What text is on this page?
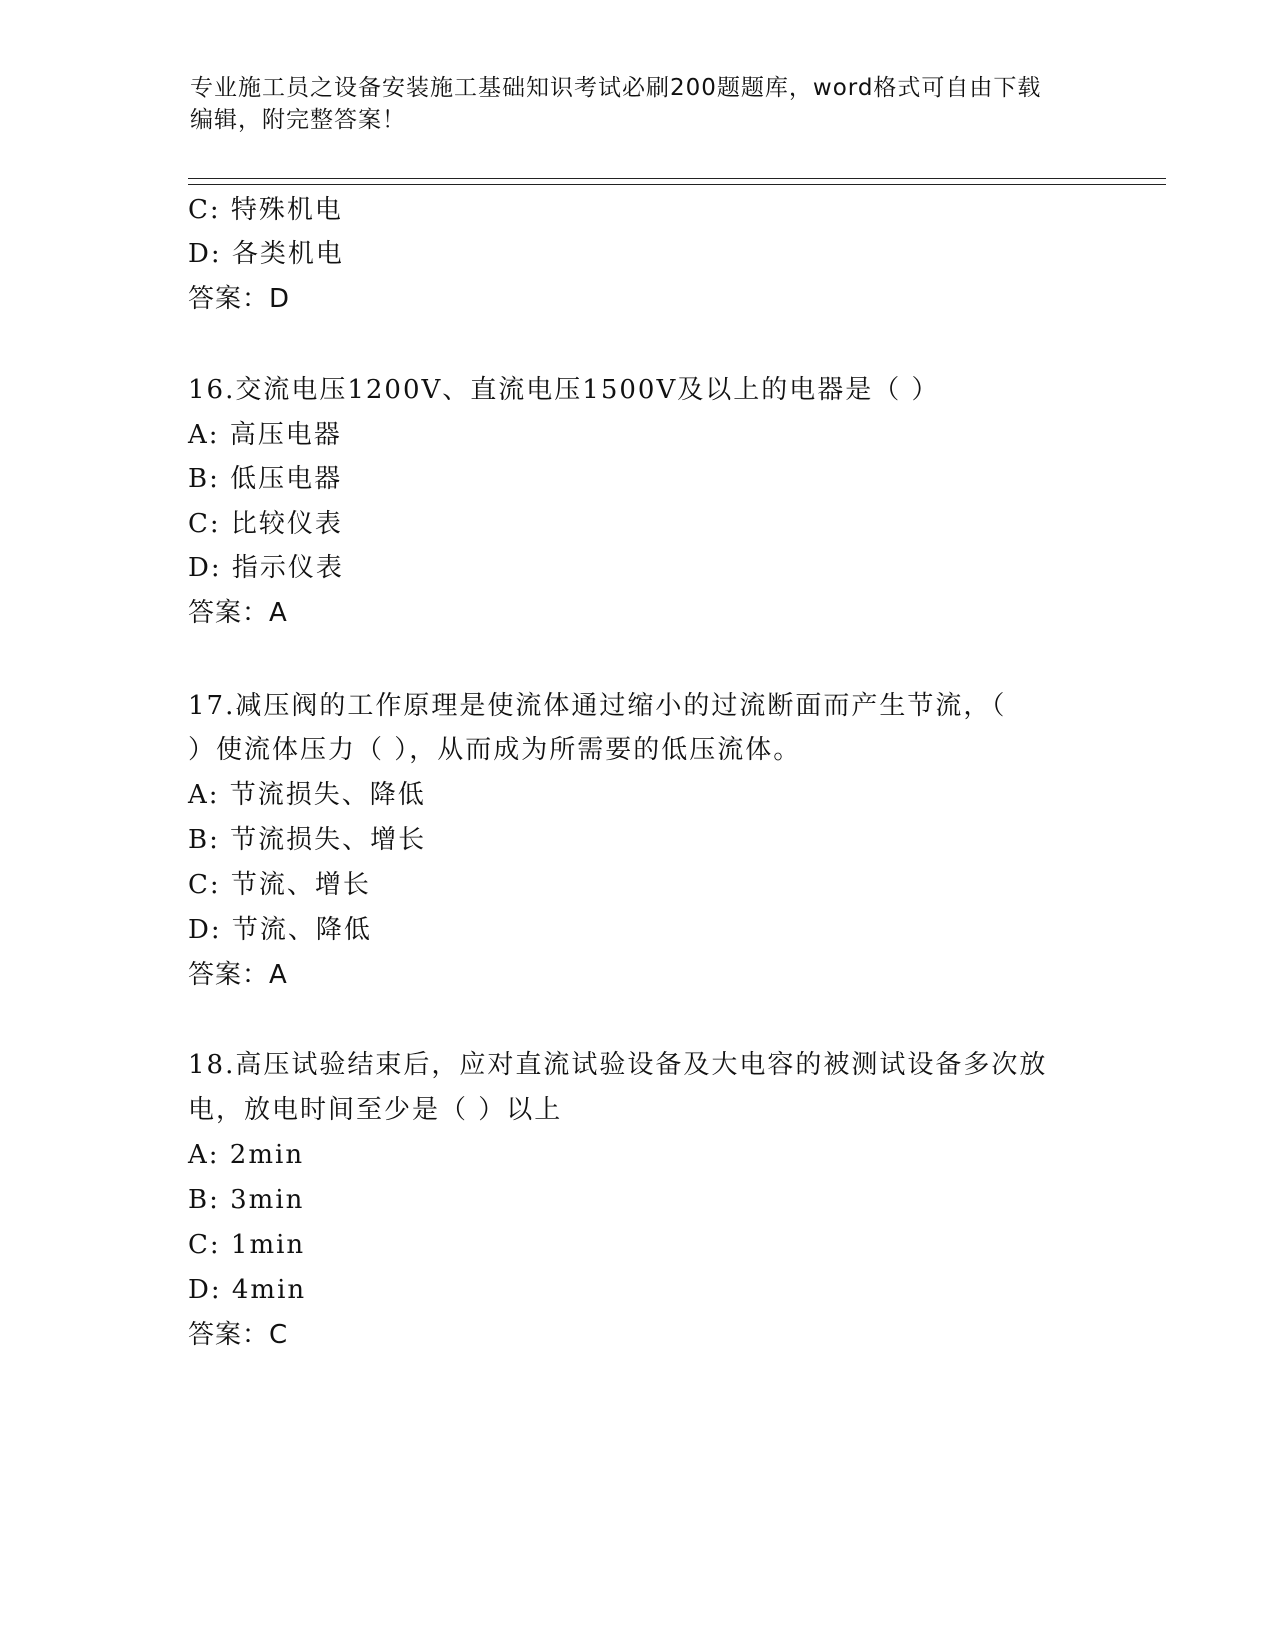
专业施工员之设备安装施工基础知识考试必刷200题题库，word格式可自由下载
编辑，附完整答案！
C: 特殊机电
D: 各类机电
答案：D
16.交流电压1200V、直流电压1500V及以上的电器是（ ）
A: 高压电器
B: 低压电器
C: 比较仪表
D: 指示仪表
答案：A
17.减压阀的工作原理是使流体通过缩小的过流断面而产生节流，（
）使流体压力（ ），从而成为所需要的低压流体。
A: 节流损失、降低
B: 节流损失、增长
C: 节流、增长
D: 节流、降低
答案：A
18.高压试验结束后，应对直流试验设备及大电容的被测试设备多次放
电，放电时间至少是（ ）以上
A: 2min
B: 3min
C: 1min
D: 4min
答案：C
